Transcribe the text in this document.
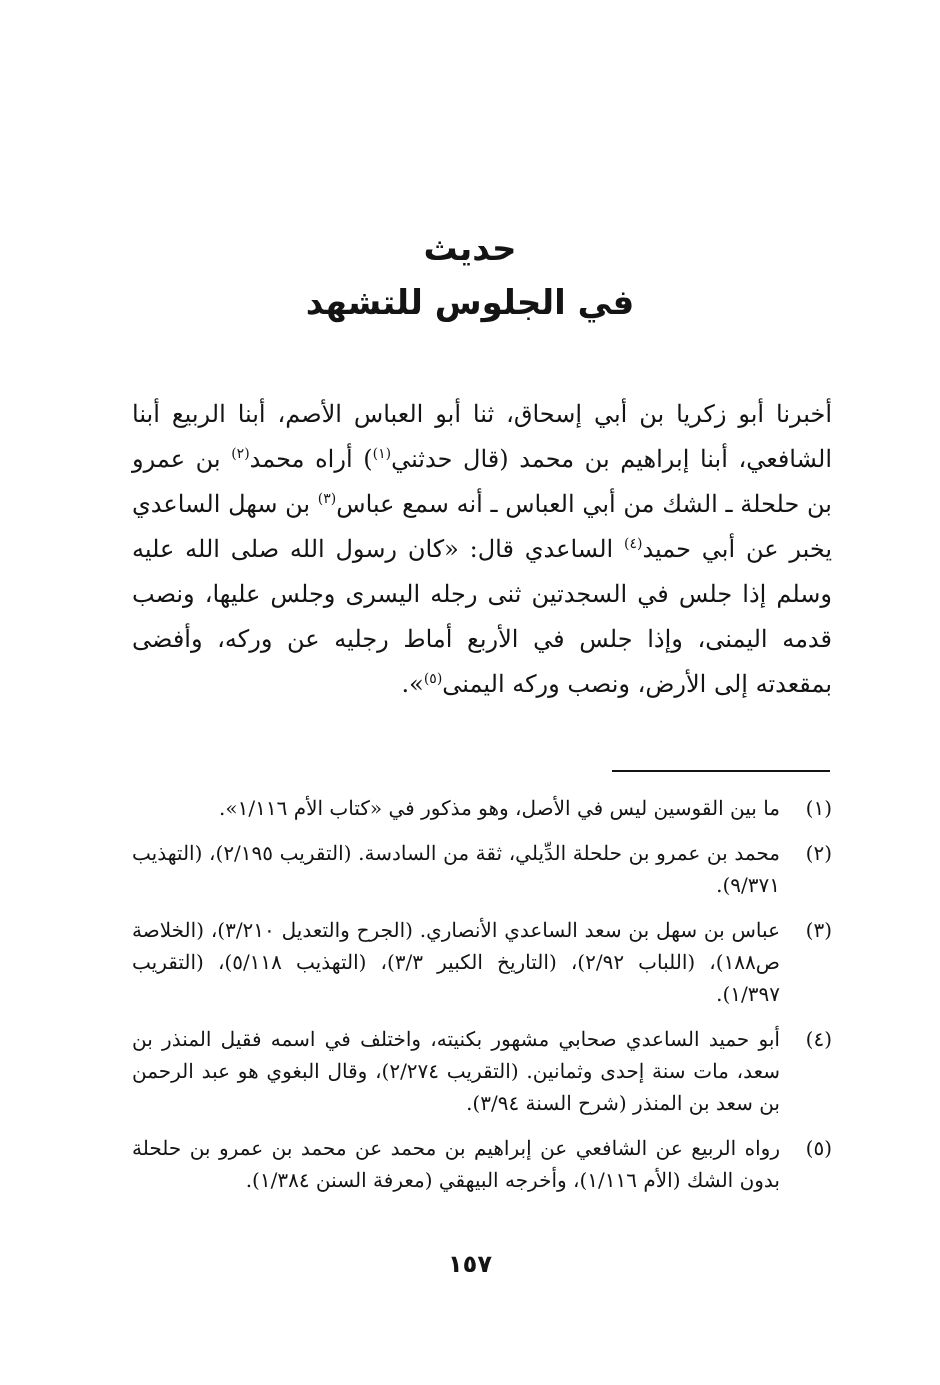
حديث

في الجلوس للتشهد

أخبرنا أبو زكريا بن أبي إسحاق، ثنا أبو العباس الأصم، أبنا الربيع أبنا الشافعي، أبنا إبراهيم بن محمد (قال حدثني$^{(١)}$) أراه محمد$^{(٢)}$ بن عمرو بن حلحلة ـ الشك من أبي العباس ـ أنه سمع عباس$^{(٣)}$ بن سهل الساعدي يخبر عن أبي حميد$^{(٤)}$ الساعدي قال: «كان رسول الله صلى الله عليه وسلم إذا جلس في السجدتين ثنى رجله اليسرى وجلس عليها، ونصب قدمه اليمنى، وإذا جلس في الأربع أماط رجليه عن وركه، وأفضى بمقعدته إلى الأرض، ونصب وركه اليمنى$^{(٥)}$».

(١)
ما بين القوسين ليس في الأصل، وهو مذكور في «كتاب الأم ١/١١٦».
(٢)
محمد بن عمرو بن حلحلة الدِّيلي، ثقة من السادسة. (التقريب ٢/١٩٥)، (التهذيب ٩/٣٧١).
(٣)
عباس بن سهل بن سعد الساعدي الأنصاري. (الجرح والتعديل ٣/٢١٠)، (الخلاصة ص١٨٨)، (اللباب ٢/٩٢)، (التاريخ الكبير ٣/٣)، (التهذيب ٥/١١٨)، (التقريب ١/٣٩٧).
(٤)
أبو حميد الساعدي صحابي مشهور بكنيته، واختلف في اسمه فقيل المنذر بن سعد، مات سنة إحدى وثمانين. (التقريب ٢/٢٧٤)، وقال البغوي هو عبد الرحمن بن سعد بن المنذر (شرح السنة ٣/٩٤).
(٥)
رواه الربيع عن الشافعي عن إبراهيم بن محمد عن محمد بن عمرو بن حلحلة بدون الشك (الأم ١/١١٦)، وأخرجه البيهقي (معرفة السنن ١/٣٨٤).
١٥٧
